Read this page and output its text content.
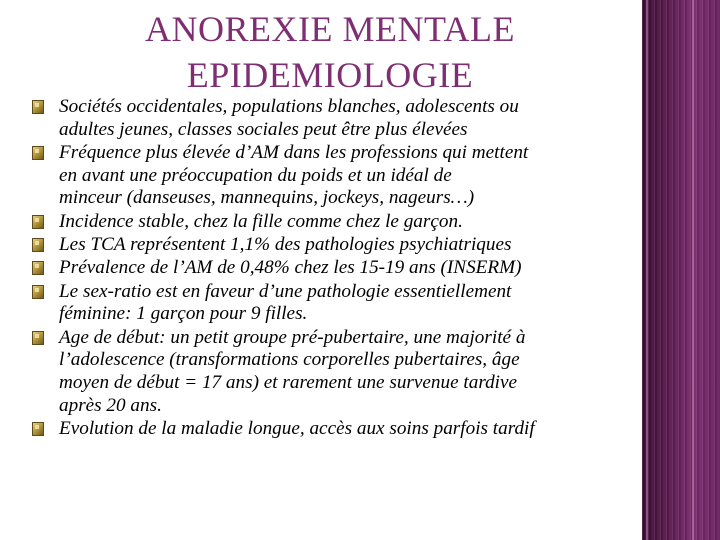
ANOREXIE MENTALE
EPIDEMIOLOGIE
Sociétés occidentales, populations blanches, adolescents ou
adultes jeunes, classes sociales peut être plus élevées
Fréquence plus élevée d’AM dans les professions qui mettent
en avant une préoccupation du poids et un idéal de
minceur (danseuses, mannequins, jockeys, nageurs…)
Incidence stable, chez la fille comme chez le garçon.
Les TCA représentent 1,1% des pathologies psychiatriques
Prévalence de l’AM de 0,48% chez les 15-19 ans (INSERM)
Le sex-ratio est en faveur d’une pathologie essentiellement
féminine: 1 garçon pour 9 filles.
Age de début: un petit groupe pré-pubertaire, une majorité à
l’adolescence (transformations corporelles pubertaires, âge
moyen de début = 17 ans) et rarement une survenue tardive
après 20 ans.
Evolution de la maladie longue, accès aux soins parfois tardif
